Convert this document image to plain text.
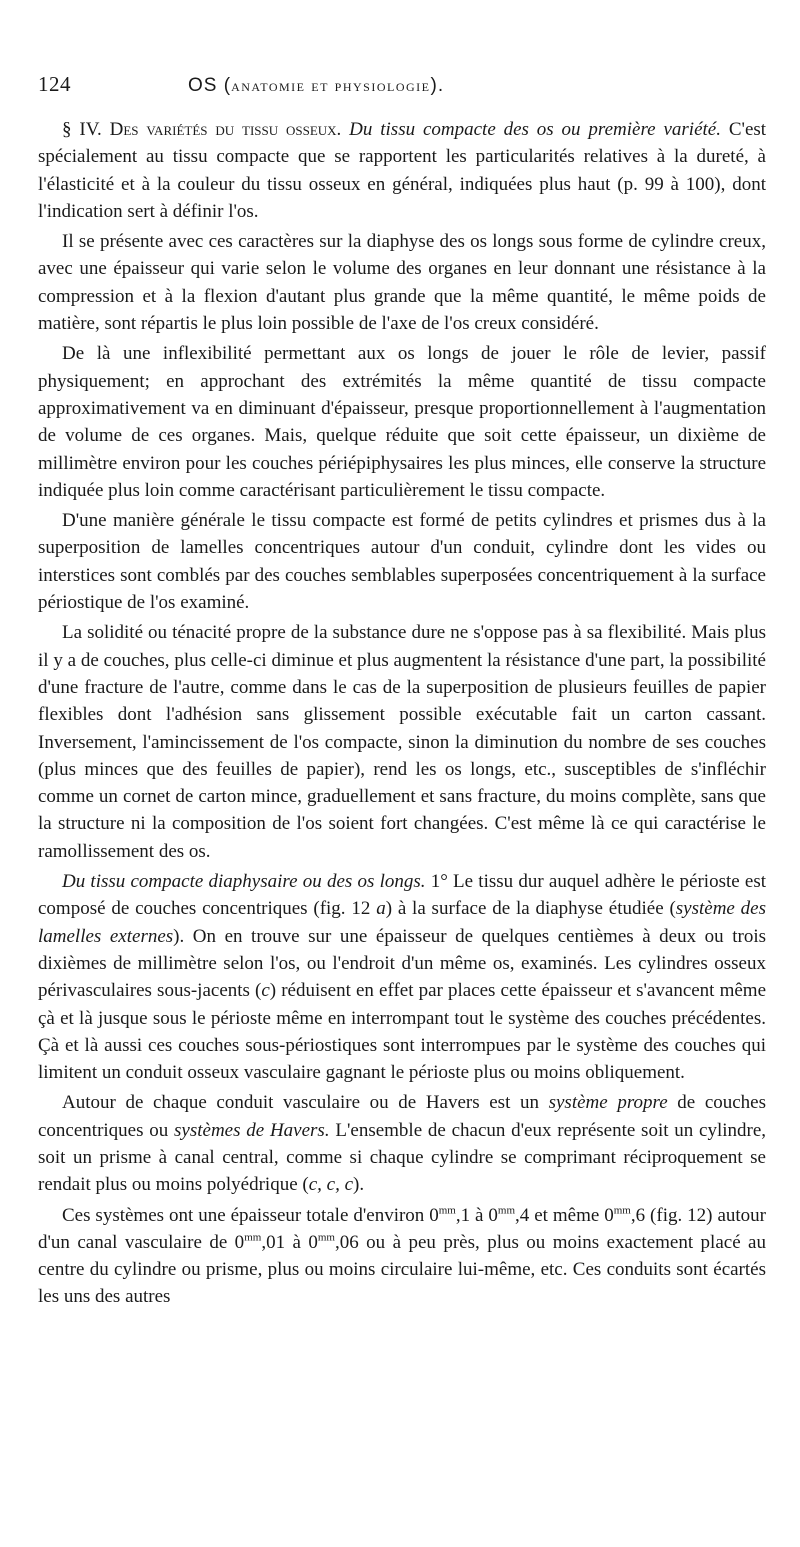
124	OS (anatomie et physiologie).

§ IV. Des variétés du tissu osseux. Du tissu compacte des os ou première variété. C'est spécialement au tissu compacte que se rapportent les particularités relatives à la dureté, à l'élasticité et à la couleur du tissu osseux en général, indiquées plus haut (p. 99 à 100), dont l'indication sert à définir l'os.

Il se présente avec ces caractères sur la diaphyse des os longs sous forme de cylindre creux, avec une épaisseur qui varie selon le volume des organes en leur donnant une résistance à la compression et à la flexion d'autant plus grande que la même quantité, le même poids de matière, sont répartis le plus loin possible de l'axe de l'os creux considéré.

De là une inflexibilité permettant aux os longs de jouer le rôle de levier, passif physiquement; en approchant des extrémités la même quantité de tissu compacte approximativement va en diminuant d'épaisseur, presque proportionnellement à l'augmentation de volume de ces organes. Mais, quelque réduite que soit cette épaisseur, un dixième de millimètre environ pour les couches périépiphysaires les plus minces, elle conserve la structure indiquée plus loin comme caractérisant particulièrement le tissu compacte.

D'une manière générale le tissu compacte est formé de petits cylindres et prismes dus à la superposition de lamelles concentriques autour d'un conduit, cylindre dont les vides ou interstices sont comblés par des couches semblables superposées concentriquement à la surface périostique de l'os examiné.

La solidité ou ténacité propre de la substance dure ne s'oppose pas à sa flexibilité. Mais plus il y a de couches, plus celle-ci diminue et plus augmentent la résistance d'une part, la possibilité d'une fracture de l'autre, comme dans le cas de la superposition de plusieurs feuilles de papier flexibles dont l'adhésion sans glissement possible exécutable fait un carton cassant. Inversement, l'amincissement de l'os compacte, sinon la diminution du nombre de ses couches (plus minces que des feuilles de papier), rend les os longs, etc., susceptibles de s'infléchir comme un cornet de carton mince, graduellement et sans fracture, du moins complète, sans que la structure ni la composition de l'os soient fort changées. C'est même là ce qui caractérise le ramollissement des os.

Du tissu compacte diaphysaire ou des os longs. 1° Le tissu dur auquel adhère le périoste est composé de couches concentriques (fig. 12 a) à la surface de la diaphyse étudiée (système des lamelles externes). On en trouve sur une épaisseur de quelques centièmes à deux ou trois dixièmes de millimètre selon l'os, ou l'endroit d'un même os, examinés. Les cylindres osseux périvasculaires sous-jacents (c) réduisent en effet par places cette épaisseur et s'avancent même çà et là jusque sous le périoste même en interrompant tout le système des couches précédentes. Çà et là aussi ces couches sous-périostiques sont interrompues par le système des couches qui limitent un conduit osseux vasculaire gagnant le périoste plus ou moins obliquement.

Autour de chaque conduit vasculaire ou de Havers est un système propre de couches concentriques ou systèmes de Havers. L'ensemble de chacun d'eux représente soit un cylindre, soit un prisme à canal central, comme si chaque cylindre se comprimant réciproquement se rendait plus ou moins polyédrique (c, c, c).

Ces systèmes ont une épaisseur totale d'environ $0^{mm},1$ à $0^{mm},4$ et même $0^{mm},6$ (fig. 12) autour d'un canal vasculaire de $0^{mm},01$ à $0^{mm},06$ ou à peu près, plus ou moins exactement placé au centre du cylindre ou prisme, plus ou moins circulaire lui-même, etc. Ces conduits sont écartés les uns des autres
